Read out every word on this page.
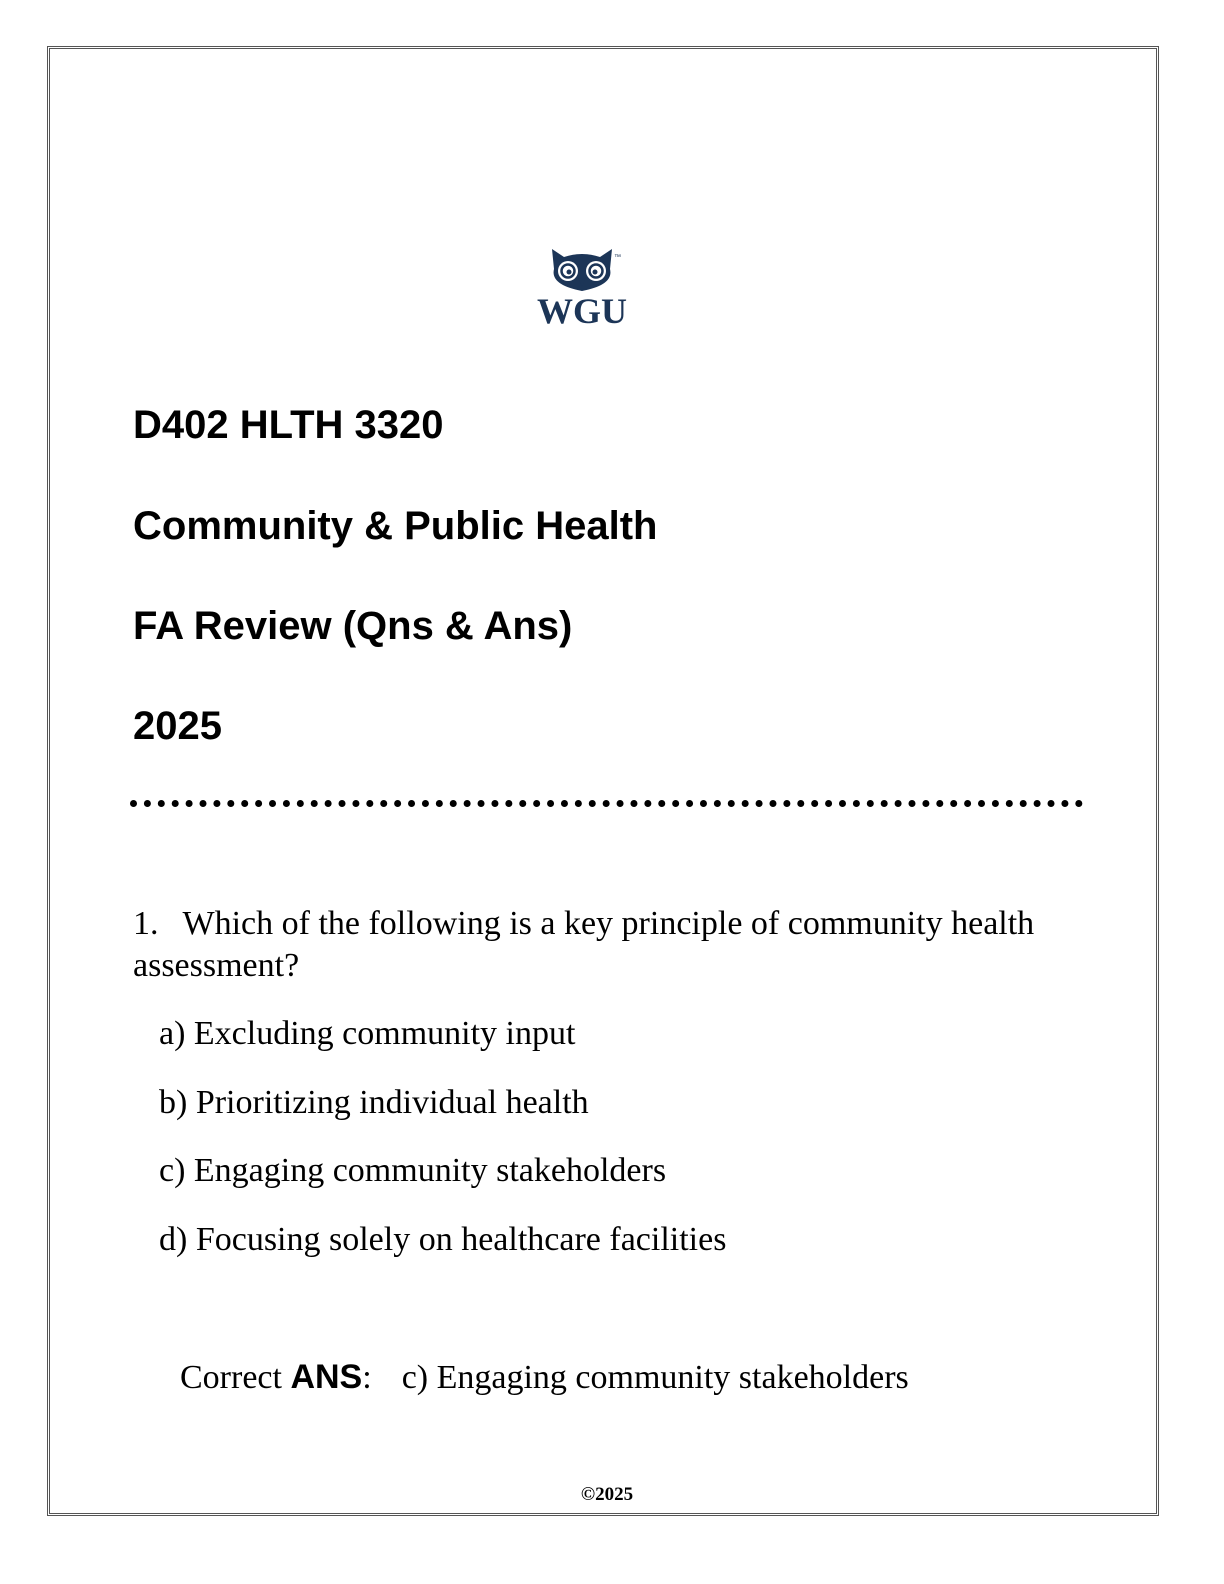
™
WGU
D402 HLTH 3320
Community & Public Health
FA Review (Qns & Ans)
2025

1. Which of the following is a key principle of community health assessment?

a) Excluding community input

b) Prioritizing individual health

c) Engaging community stakeholders

d) Focusing solely on healthcare facilities

Correct ANS: c) Engaging community stakeholders

©2025
